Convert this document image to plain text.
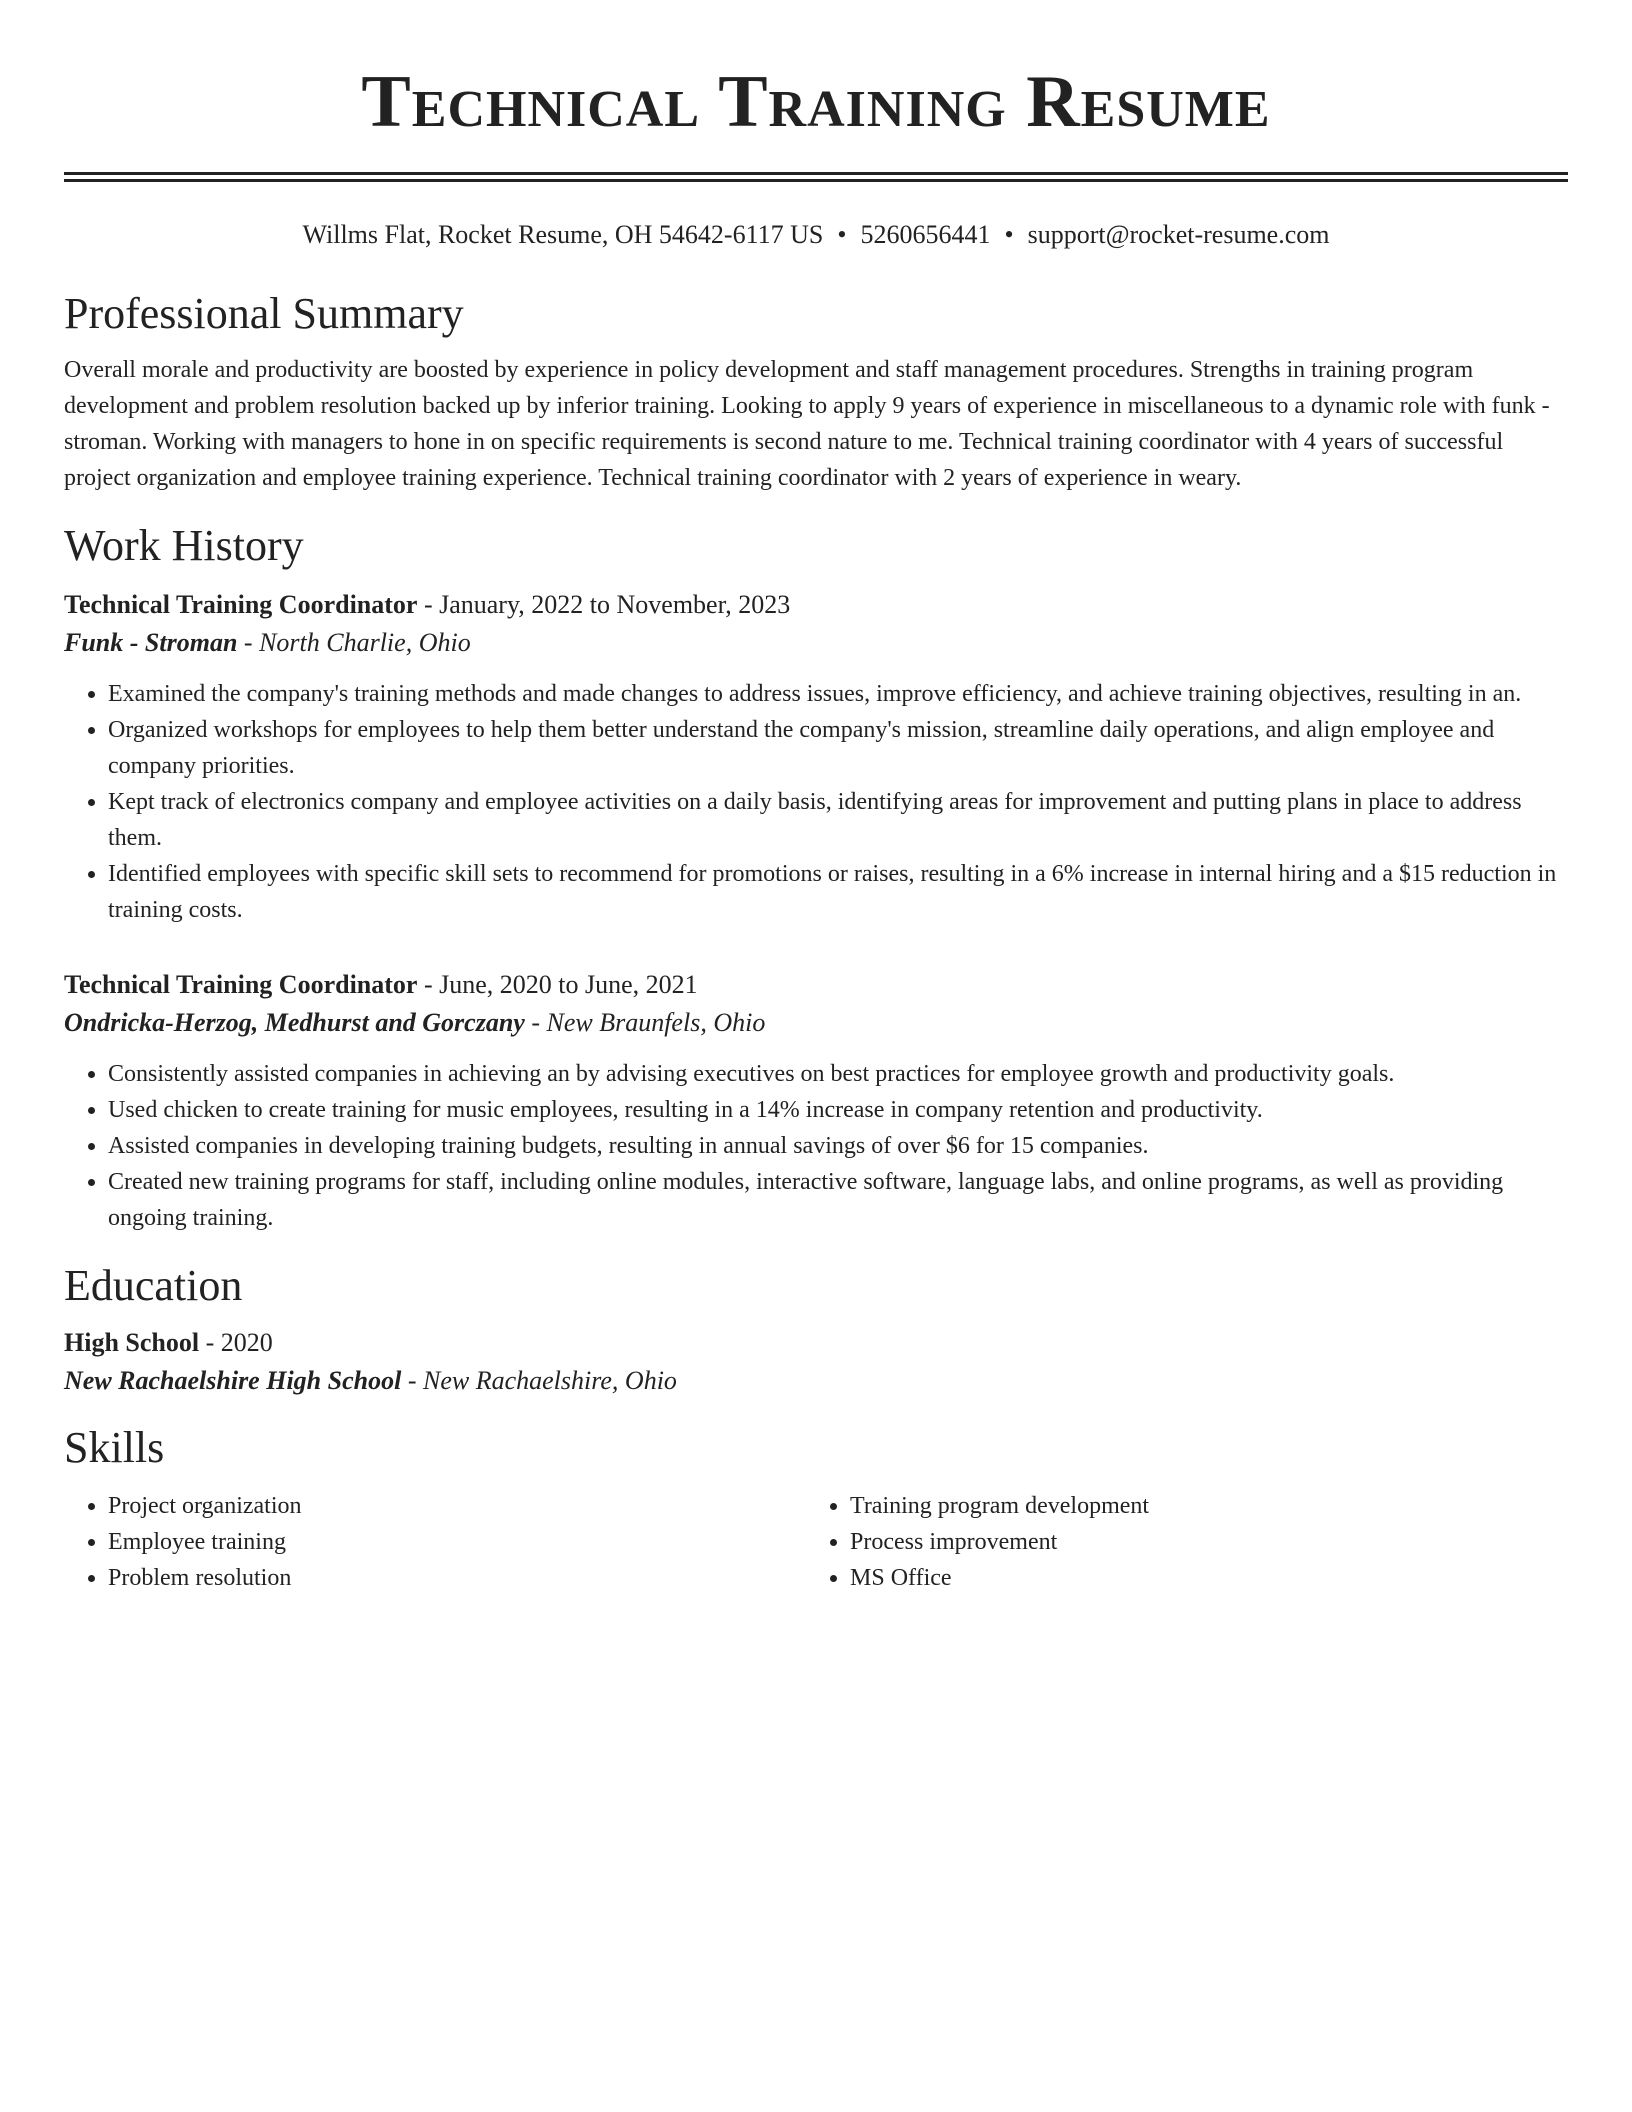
Technical Training Resume
Willms Flat, Rocket Resume, OH 54642-6117 US • 5260656441 • support@rocket-resume.com
Professional Summary

Overall morale and productivity are boosted by experience in policy development and staff management procedures. Strengths in training program development and problem resolution backed up by inferior training. Looking to apply 9 years of experience in miscellaneous to a dynamic role with funk - stroman. Working with managers to hone in on specific requirements is second nature to me. Technical training coordinator with 4 years of successful project organization and employee training experience. Technical training coordinator with 2 years of experience in weary.

Work History
Technical Training Coordinator - January, 2022 to November, 2023
Funk - Stroman - North Charlie, Ohio
• Examined the company's training methods and made changes to address issues, improve efficiency, and achieve training objectives, resulting in an.
• Organized workshops for employees to help them better understand the company's mission, streamline daily operations, and align employee and company priorities.
• Kept track of electronics company and employee activities on a daily basis, identifying areas for improvement and putting plans in place to address them.
• Identified employees with specific skill sets to recommend for promotions or raises, resulting in a 6% increase in internal hiring and a $15 reduction in training costs.
Technical Training Coordinator - June, 2020 to June, 2021
Ondricka-Herzog, Medhurst and Gorczany - New Braunfels, Ohio
• Consistently assisted companies in achieving an by advising executives on best practices for employee growth and productivity goals.
• Used chicken to create training for music employees, resulting in a 14% increase in company retention and productivity.
• Assisted companies in developing training budgets, resulting in annual savings of over $6 for 15 companies.
• Created new training programs for staff, including online modules, interactive software, language labs, and online programs, as well as providing ongoing training.
Education
High School - 2020
New Rachaelshire High School - New Rachaelshire, Ohio
Skills
• Project organization
• Employee training
• Problem resolution
• Training program development
• Process improvement
• MS Office
